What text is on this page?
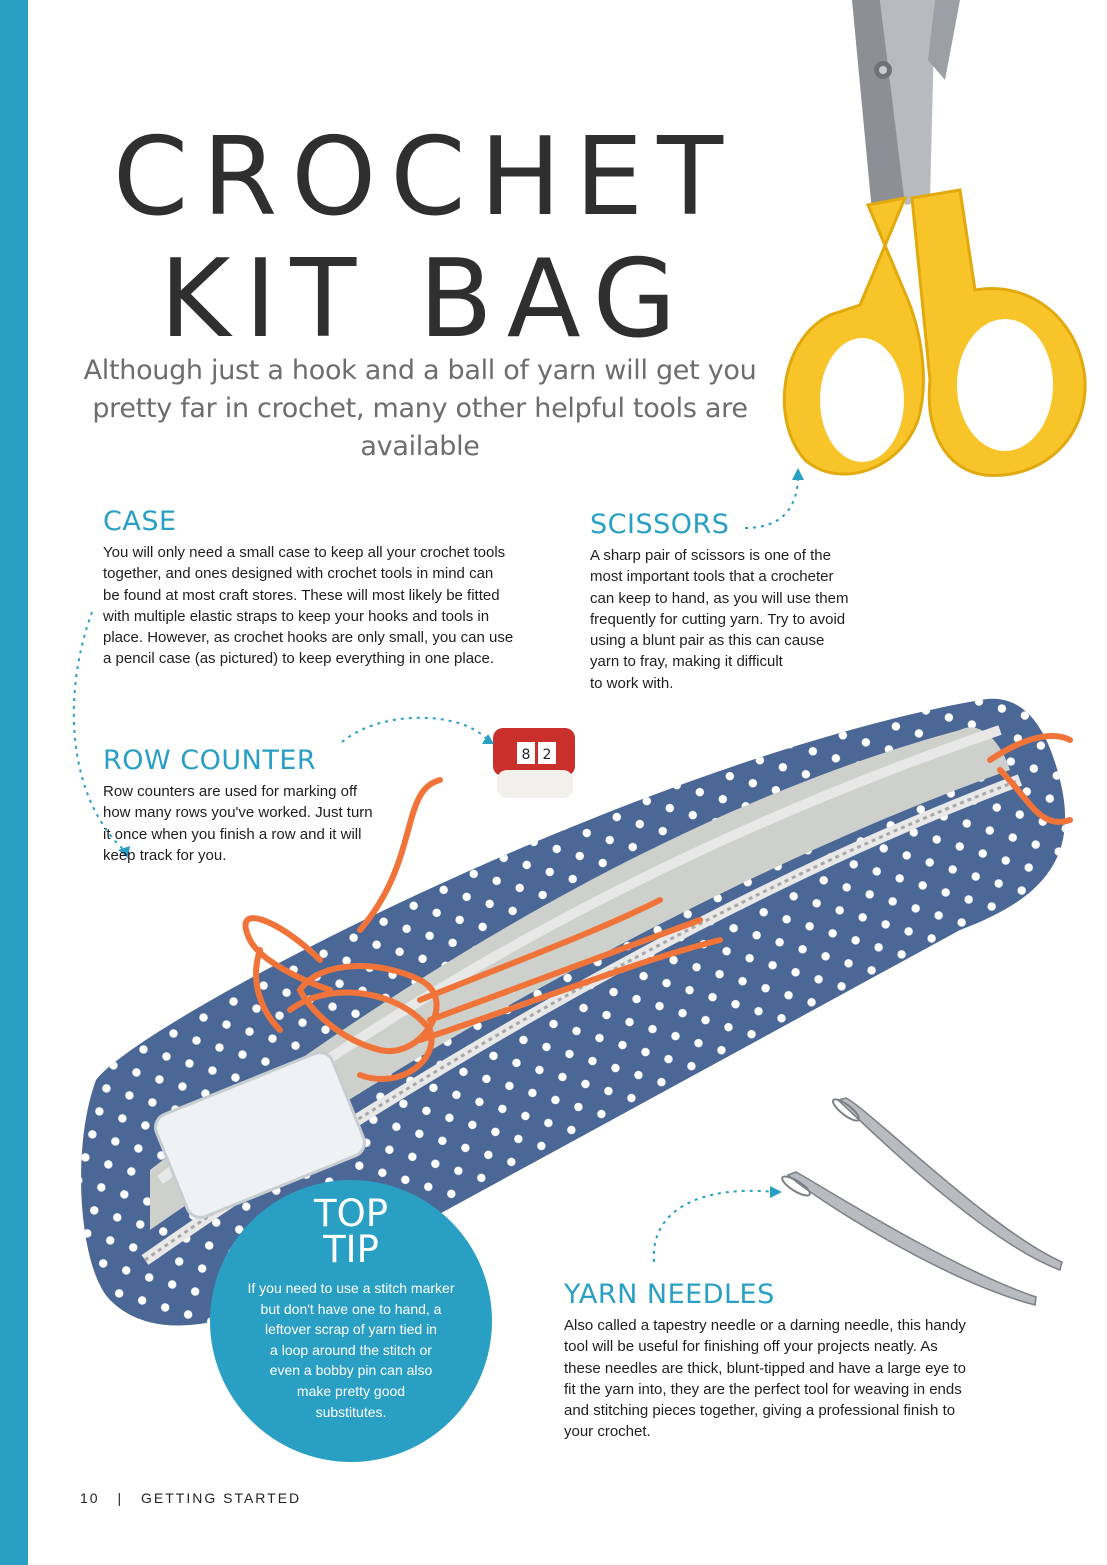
8 2
CROCHET
KIT BAG

Although just a hook and a ball of yarn will get you pretty far in crochet, many other helpful tools are available

CASE
You will only need a small case to keep all your crochet tools
together, and ones designed with crochet tools in mind can
be found at most craft stores. These will most likely be fitted
with multiple elastic straps to keep your hooks and tools in
place. However, as crochet hooks are only small, you can use
a pencil case (as pictured) to keep everything in one place.
SCISSORS
A sharp pair of scissors is one of the
most important tools that a crocheter
can keep to hand, as you will use them
frequently for cutting yarn. Try to avoid
using a blunt pair as this can cause
yarn to fray, making it difficult
to work with.
ROW COUNTER
Row counters are used for marking off
how many rows you've worked. Just turn
it once when you finish a row and it will
keep track for you.
YARN NEEDLES
Also called a tapestry needle or a darning needle, this handy
tool will be useful for finishing off your projects neatly. As
these needles are thick, blunt-tipped and have a large eye to
fit the yarn into, they are the perfect tool for weaving in ends
and stitching pieces together, giving a professional finish to
your crochet.
TOP
TIP
If you need to use a stitch marker
but don't have one to hand, a
leftover scrap of yarn tied in
a loop around the stitch or
even a bobby pin can also
make pretty good
substitutes.
10 | GETTING STARTED
